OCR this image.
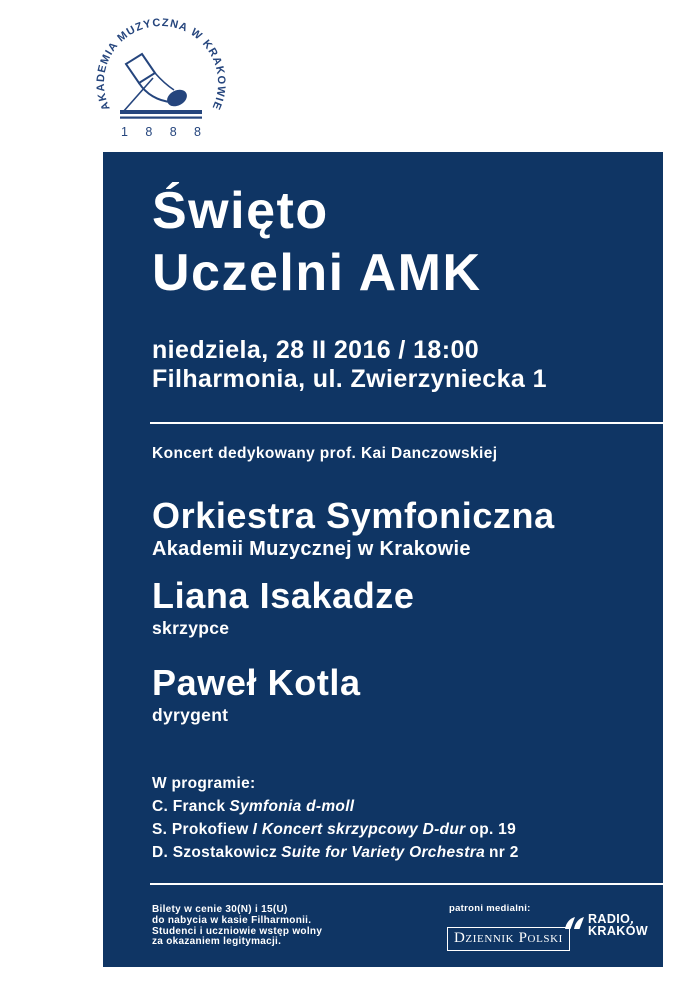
AKADEMIA MUZYCZNA W KRAKOWIE
1 8 8 8
Święto
Uczelni AMK
niedziela, 28 II 2016 / 18:00
Filharmonia, ul. Zwierzyniecka 1
Koncert dedykowany prof. Kai Danczowskiej
Orkiestra Symfoniczna
Akademii Muzycznej w Krakowie
Liana Isakadze
skrzypce
Paweł Kotla
dyrygent
W programie:
C. Franck Symfonia d-moll
S. Prokofiew I Koncert skrzypcowy D-dur op. 19
D. Szostakowicz Suite for Variety Orchestra nr 2
Bilety w cenie 30(N) i 15(U)
do nabycia w kasie Filharmonii.
Studenci i uczniowie wstęp wolny
za okazaniem legitymacji.
patroni medialni:
Dziennik Polski
RADIO.
KRAKÓW
